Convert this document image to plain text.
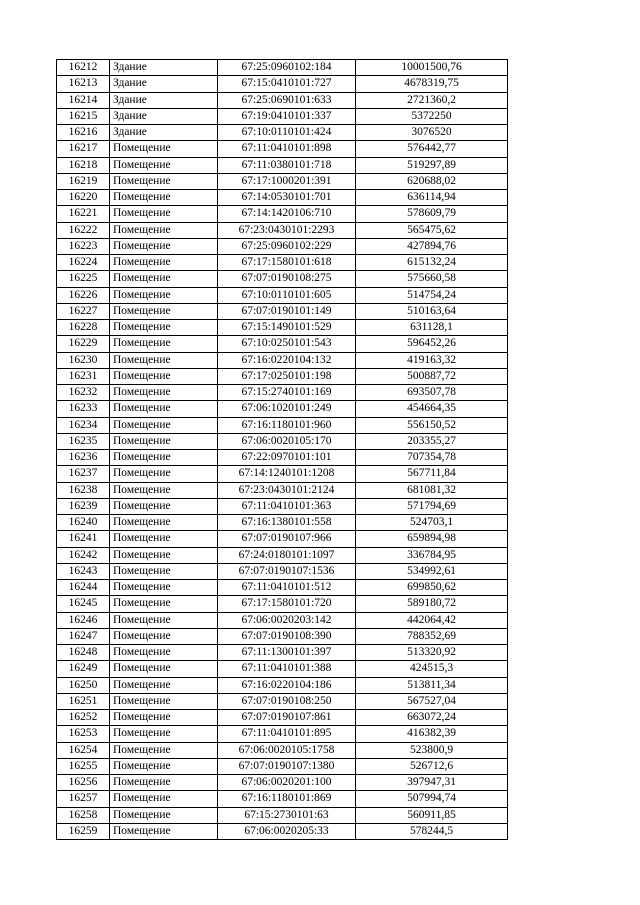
16212	Здание	67:25:0960102:184	10001500,76
16213	Здание	67:15:0410101:727	4678319,75
16214	Здание	67:25:0690101:633	2721360,2
16215	Здание	67:19:0410101:337	5372250
16216	Здание	67:10:0110101:424	3076520
16217	Помещение	67:11:0410101:898	576442,77
16218	Помещение	67:11:0380101:718	519297,89
16219	Помещение	67:17:1000201:391	620688,02
16220	Помещение	67:14:0530101:701	636114,94
16221	Помещение	67:14:1420106:710	578609,79
16222	Помещение	67:23:0430101:2293	565475,62
16223	Помещение	67:25:0960102:229	427894,76
16224	Помещение	67:17:1580101:618	615132,24
16225	Помещение	67:07:0190108:275	575660,58
16226	Помещение	67:10:0110101:605	514754,24
16227	Помещение	67:07:0190101:149	510163,64
16228	Помещение	67:15:1490101:529	631128,1
16229	Помещение	67:10:0250101:543	596452,26
16230	Помещение	67:16:0220104:132	419163,32
16231	Помещение	67:17:0250101:198	500887,72
16232	Помещение	67:15:2740101:169	693507,78
16233	Помещение	67:06:1020101:249	454664,35
16234	Помещение	67:16:1180101:960	556150,52
16235	Помещение	67:06:0020105:170	203355,27
16236	Помещение	67:22:0970101:101	707354,78
16237	Помещение	67:14:1240101:1208	567711,84
16238	Помещение	67:23:0430101:2124	681081,32
16239	Помещение	67:11:0410101:363	571794,69
16240	Помещение	67:16:1380101:558	524703,1
16241	Помещение	67:07:0190107:966	659894,98
16242	Помещение	67:24:0180101:1097	336784,95
16243	Помещение	67:07:0190107:1536	534992,61
16244	Помещение	67:11:0410101:512	699850,62
16245	Помещение	67:17:1580101:720	589180,72
16246	Помещение	67:06:0020203:142	442064,42
16247	Помещение	67:07:0190108:390	788352,69
16248	Помещение	67:11:1300101:397	513320,92
16249	Помещение	67:11:0410101:388	424515,3
16250	Помещение	67:16:0220104:186	513811,34
16251	Помещение	67:07:0190108:250	567527,04
16252	Помещение	67:07:0190107:861	663072,24
16253	Помещение	67:11:0410101:895	416382,39
16254	Помещение	67:06:0020105:1758	523800,9
16255	Помещение	67:07:0190107:1380	526712,6
16256	Помещение	67:06:0020201:100	397947,31
16257	Помещение	67:16:1180101:869	507994,74
16258	Помещение	67:15:2730101:63	560911,85
16259	Помещение	67:06:0020205:33	578244,5
